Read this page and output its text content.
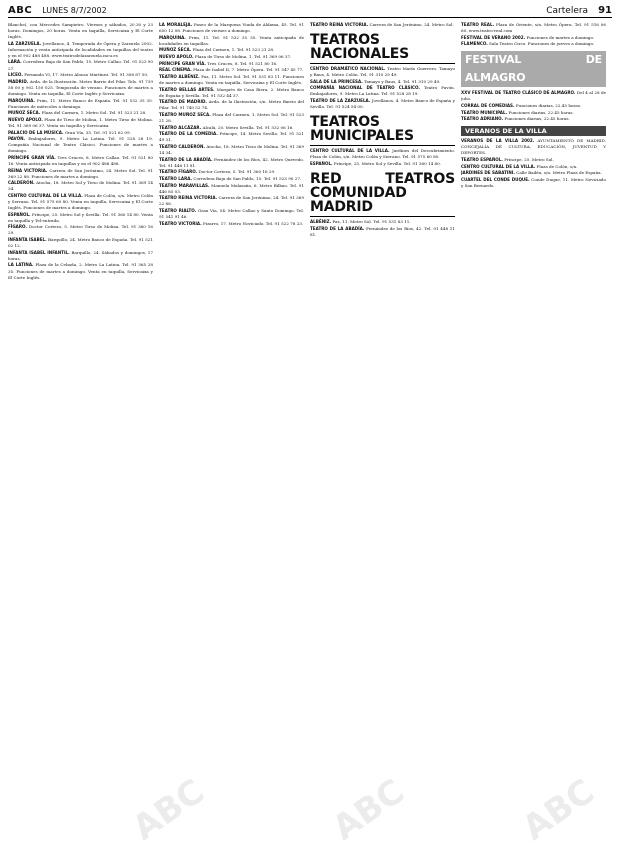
ABC LUNES 8/7/2002	Cartelera 91
Blanche), con Mercedes Sampietro. Viernes y sábados, 20.30 y 23 horas. Domingos, 20 horas. Venta en taquilla, Servicaixa y El Corte Inglés.
LA ZARZUELA. Jovellanos, 4. Temporada de Ópera y Zarzuela 2002. Información y venta anticipada de localidades en taquillas del teatro y en el 902 488 488. www.teatrodelazarzuela.mcu.es
LARA. Corredera Baja de San Pablo, 15. Metro Callao. Tel. 91 523 90 27.
LICEO. Fernando VI, 17. Metro Alonso Martínez. Tel. 91 308 87 50.
MADRID. Avda. de la Ilustración. Metro Barrio del Pilar. Tels. 91 739 58 00 y 902 150 025. Temporada de verano. Funciones de martes a domingo. Venta en taquilla, El Corte Inglés y Servicaixa.
MARQUINA. Prim, 11. Metro Banco de España. Tel. 91 532 35 35. Funciones de miércoles a domingo.
MUÑOZ SECA. Plaza del Carmen, 1. Metro Sol. Tel. 91 523 21 28.
NUEVO APOLO. Plaza de Tirso de Molina, 1. Metro Tirso de Molina. Tel. 91 369 06 37. Venta en taquilla y Servicaixa.
PALACIO DE LA MÚSICA. Gran Vía, 35. Tel. 91 521 62 09.
PAVÓN. Embajadores, 9. Metro La Latina. Tel. 91 528 28 19. Compañía Nacional de Teatro Clásico. Funciones de martes a domingo.
PRÍNCIPE GRAN VÍA. Tres Cruces, 8. Metro Callao. Tel. 91 521 80 16. Venta anticipada en taquillas y en el 902 488 488.
REINA VICTORIA. Carrera de San Jerónimo, 24. Metro Sol. Tel. 91 369 22 88. Funciones de martes a domingo.
CALDERÓN. Atocha, 18. Metro Sol y Tirso de Molina. Tel. 91 369 14 34.
CENTRO CULTURAL DE LA VILLA. Plaza de Colón, s/n. Metro Colón y Serrano. Tel. 91 575 60 80. Venta en taquilla, Servicaixa y El Corte Inglés. Funciones de martes a domingo.
ESPAÑOL. Príncipe, 25. Metro Sol y Sevilla. Tel. 91 360 14 80. Venta en taquilla y Tel-entrada.
FÍGARO. Doctor Cortezo, 5. Metro Tirso de Molina. Tel. 91 360 16 29.
INFANTA ISABEL. Barquillo, 24. Metro Banco de España. Tel. 91 521 02 12.
INFANTA ISABEL INFANTIL. Barquillo, 24. Sábados y domingos, 17 horas.
LA LATINA. Plaza de la Cebada, 2. Metro La Latina. Tel. 91 365 28 35. Funciones de martes a domingo. Venta en taquilla, Servicaixa y El Corte Inglés.
LA MORALEJA. Paseo de la Marquesa Viuda de Aldama, 45. Tel. 91 650 12 08. Funciones de viernes a domingo.
MARQUINA. Prim, 11. Tel. 91 532 35 35. Venta anticipada de localidades en taquillas.
MUÑOZ SECA. Plaza del Carmen, 1. Tel. 91 523 21 28.
NUEVO APOLO. Plaza de Tirso de Molina, 1. Tel. 91 369 06 37.
PRÍNCIPE GRAN VÍA. Tres Cruces, 8. Tel. 91 521 80 16.
REAL CINEMA. Plaza de Isabel II, 7. Metro Ópera. Tel. 91 547 45 77.
TEATRO ALBÉNIZ. Paz, 11. Metro Sol. Tel. 91 531 83 11. Funciones de martes a domingo. Venta en taquilla, Servicaixa y El Corte Inglés.
TEATRO BELLAS ARTES. Marqués de Casa Riera, 2. Metro Banco de España y Sevilla. Tel. 91 532 44 37.
TEATRO DE MADRID. Avda. de la Ilustración, s/n. Metro Barrio del Pilar. Tel. 91 740 52 74.
TEATRO MUÑOZ SECA. Plaza del Carmen, 1. Metro Sol. Tel. 91 523 21 28.
TEATRO ALCÁZAR. Alcalá, 20. Metro Sevilla. Tel. 91 532 06 16.
TEATRO DE LA COMEDIA. Príncipe, 14. Metro Sevilla. Tel. 91 521 49 31.
TEATRO CALDERÓN. Atocha, 18. Metro Tirso de Molina. Tel. 91 369 14 34.
TEATRO DE LA ABADÍA. Fernández de los Ríos, 42. Metro Quevedo. Tel. 91 448 11 81.
TEATRO FÍGARO. Doctor Cortezo, 5. Tel. 91 360 16 29.
TEATRO LARA. Corredera Baja de San Pablo, 15. Tel. 91 523 90 27.
TEATRO MARAVILLAS. Manuela Malasaña, 6. Metro Bilbao. Tel. 91 446 85 03.
TEATRO REINA VICTORIA. Carrera de San Jerónimo, 24. Tel. 91 369 22 88.
TEATRO RIALTO. Gran Vía, 54. Metro Callao y Santo Domingo. Tel. 91 541 91 46.
TEATRO VICTORIA. Pizarro, 17. Metro Noviciado. Tel. 91 522 78 23.
TEATRO REINA VICTORIA. Carrera de San Jerónimo, 24. Metro Sol.
TEATROS NACIONALES
CENTRO DRAMÁTICO NACIONAL. Teatro María Guerrero. Tamayo y Baus, 4. Metro Colón. Tel. 91 310 29 49.
SALA DE LA PRINCESA. Tamayo y Baus, 4. Tel. 91 310 29 49.
COMPAÑÍA NACIONAL DE TEATRO CLÁSICO. Teatro Pavón. Embajadores, 9. Metro La Latina. Tel. 91 528 28 19.
TEATRO DE LA ZARZUELA. Jovellanos, 4. Metro Banco de España y Sevilla. Tel. 91 524 54 00.
TEATROS MUNICIPALES
CENTRO CULTURAL DE LA VILLA. Jardines del Descubrimiento. Plaza de Colón, s/n. Metro Colón y Serrano. Tel. 91 575 60 80.
ESPAÑOL. Príncipe, 25. Metro Sol y Sevilla. Tel. 91 360 14 80.
RED TEATROS COMUNIDAD MADRID
ALBÉNIZ. Paz, 11. Metro Sol. Tel. 91 531 83 11.
TEATRO DE LA ABADÍA. Fernández de los Ríos, 42. Tel. 91 448 11 81.
TEATRO REAL. Plaza de Oriente, s/n. Metro Ópera. Tel. 91 516 06 60. www.teatro-real.com
FESTIVAL DE VERANO 2002. Funciones de martes a domingo.
FLAMENCO. Sala Teatro Circo. Funciones de jueves a domingo.
FESTIVAL DE ALMAGRO
XXV FESTIVAL DE TEATRO CLÁSICO DE ALMAGRO. Del 4 al 28 de julio.
CORRAL DE COMEDIAS. Funciones diarias, 22.45 horas.
TEATRO MUNICIPAL. Funciones diarias, 22.45 horas.
TEATRO ADRIANO. Funciones diarias, 22.45 horas.
VERANOS DE LA VILLA
VERANOS DE LA VILLA 2002. AYUNTAMIENTO DE MADRID. CONCEJALÍA DE CULTURA, EDUCACIÓN, JUVENTUD Y DEPORTES.
TEATRO ESPAÑOL. Príncipe, 25. Metro Sol.
CENTRO CULTURAL DE LA VILLA. Plaza de Colón, s/n.
JARDINES DE SABATINI. Calle Bailén, s/n. Metro Plaza de España.
CUARTEL DEL CONDE DUQUE. Conde Duque, 11. Metro Noviciado y San Bernardo.
ABC	ABC	ABC
